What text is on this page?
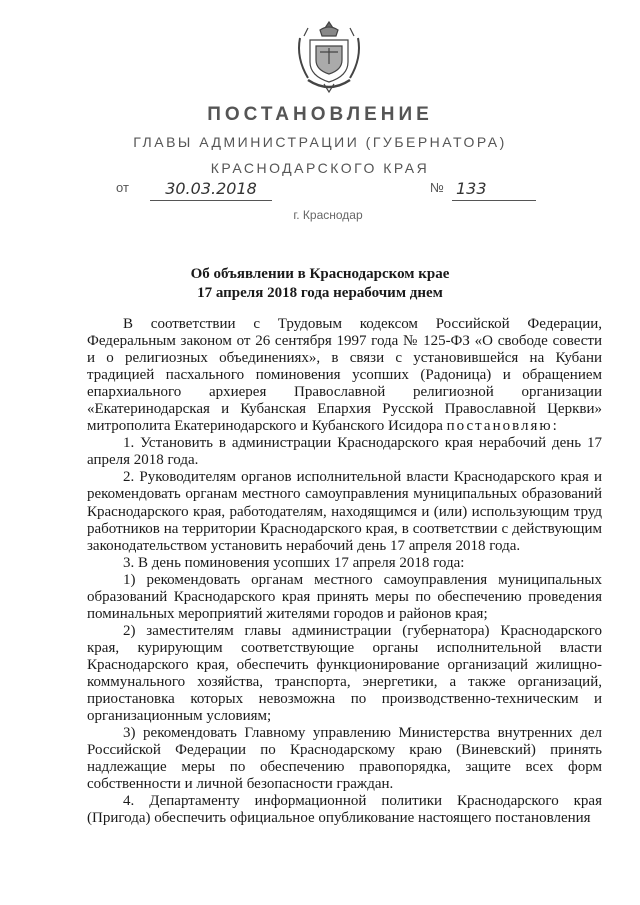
ПОСТАНОВЛЕНИЕ
ГЛАВЫ АДМИНИСТРАЦИИ (ГУБЕРНАТОРА)
КРАСНОДАРСКОГО КРАЯ
от	30.03.2018	№ 133
г. Краснодар
Об объявлении в Краснодарском крае
17 апреля 2018 года нерабочим днем

В соответствии с Трудовым кодексом Российской Федерации, Федеральным законом от 26 сентября 1997 года № 125-ФЗ «О свободе совести и о религиозных объединениях», в связи с установившейся на Кубани традицией пасхального поминовения усопших (Радоница) и обращением епархиального архиерея Православной религиозной организации «Екатеринодарская и Кубанская Епархия Русской Православной Церкви» митрополита Екатеринодарского и Кубанского Исидора постановляю:

1. Установить в администрации Краснодарского края нерабочий день 17 апреля 2018 года.

2. Руководителям органов исполнительной власти Краснодарского края и рекомендовать органам местного самоуправления муниципальных образований Краснодарского края, работодателям, находящимся и (или) использующим труд работников на территории Краснодарского края, в соответствии с действующим законодательством установить нерабочий день 17 апреля 2018 года.

3. В день поминовения усопших 17 апреля 2018 года:

1) рекомендовать органам местного самоуправления муниципальных образований Краснодарского края принять меры по обеспечению проведения поминальных мероприятий жителями городов и районов края;

2) заместителям главы администрации (губернатора) Краснодарского края, курирующим соответствующие органы исполнительной власти Краснодарского края, обеспечить функционирование организаций жилищно-коммунального хозяйства, транспорта, энергетики, а также организаций, приостановка которых невозможна по производственно-техническим и организационным условиям;

3) рекомендовать Главному управлению Министерства внутренних дел Российской Федерации по Краснодарскому краю (Виневский) принять надлежащие меры по обеспечению правопорядка, защите всех форм собственности и личной безопасности граждан.

4. Департаменту информационной политики Краснодарского края (Пригода) обеспечить официальное опубликование настоящего постановления
